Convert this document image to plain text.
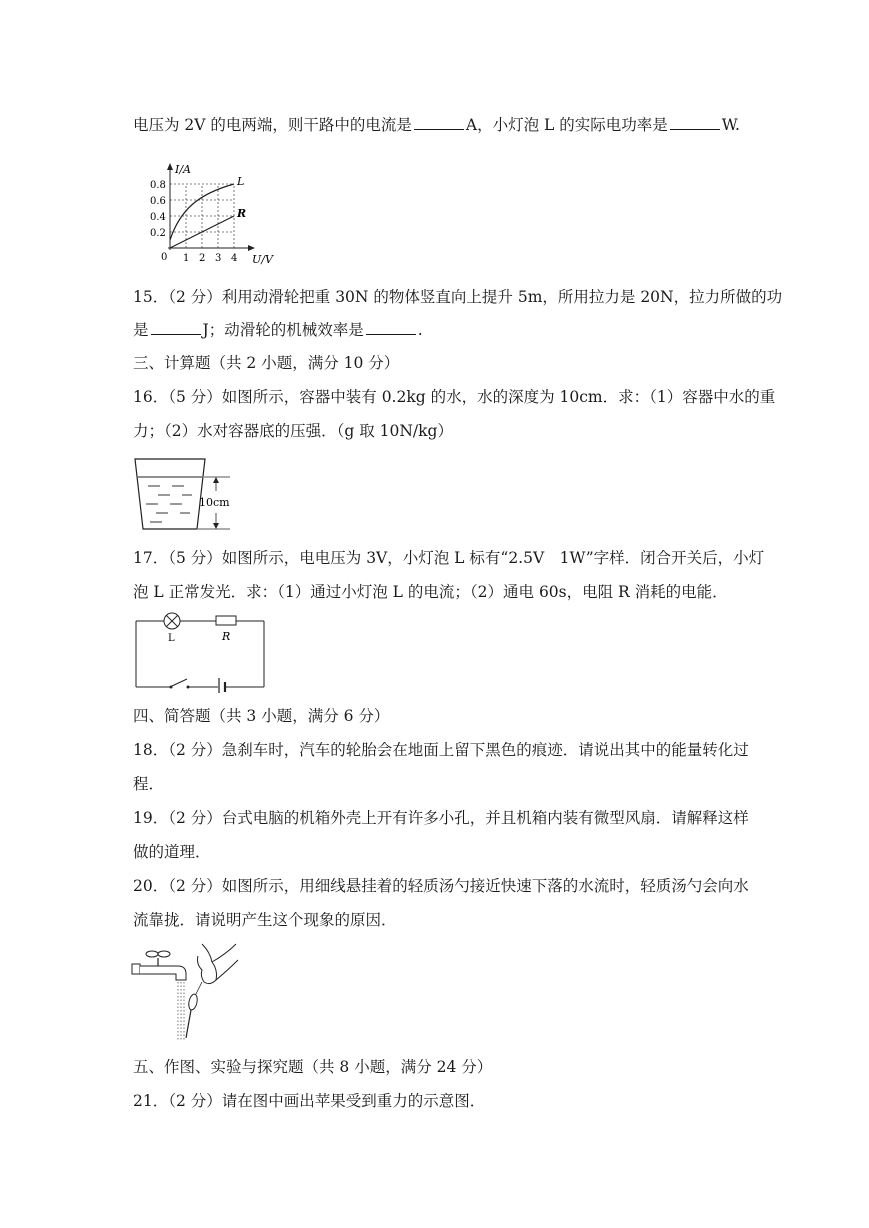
电压为 2V 的电两端，则干路中的电流是	A，小灯泡 L 的实际电功率是	W.
I/A
U/V
0
0.2
0.4
0.6
0.8
1 2 3 4
L
R
15．（2 分）利用动滑轮把重 30N 的物体竖直向上提升 5m，所用拉力是 20N，拉力所做的功
是	J；动滑轮的机械效率是	.
三、计算题（共 2 小题，满分 10 分）
16．（5 分）如图所示，容器中装有 0.2kg 的水，水的深度为 10cm．求：（1）容器中水的重
力；（2）水对容器底的压强．（g 取 10N/kg）
10cm
17．（5 分）如图所示，电电压为 3V，小灯泡 L 标有“2.5V　1W”字样．闭合开关后，小灯
泡 L 正常发光．求：（1）通过小灯泡 L 的电流；（2）通电 60s，电阻 R 消耗的电能．
L	R
四、简答题（共 3 小题，满分 6 分）
18．（2 分）急刹车时，汽车的轮胎会在地面上留下黑色的痕迹．请说出其中的能量转化过
程．
19．（2 分）台式电脑的机箱外壳上开有许多小孔，并且机箱内装有微型风扇．请解释这样
做的道理．
20．（2 分）如图所示，用细线悬挂着的轻质汤勺接近快速下落的水流时，轻质汤勺会向水
流靠拢．请说明产生这个现象的原因．
五、作图、实验与探究题（共 8 小题，满分 24 分）
21．（2 分）请在图中画出苹果受到重力的示意图．
